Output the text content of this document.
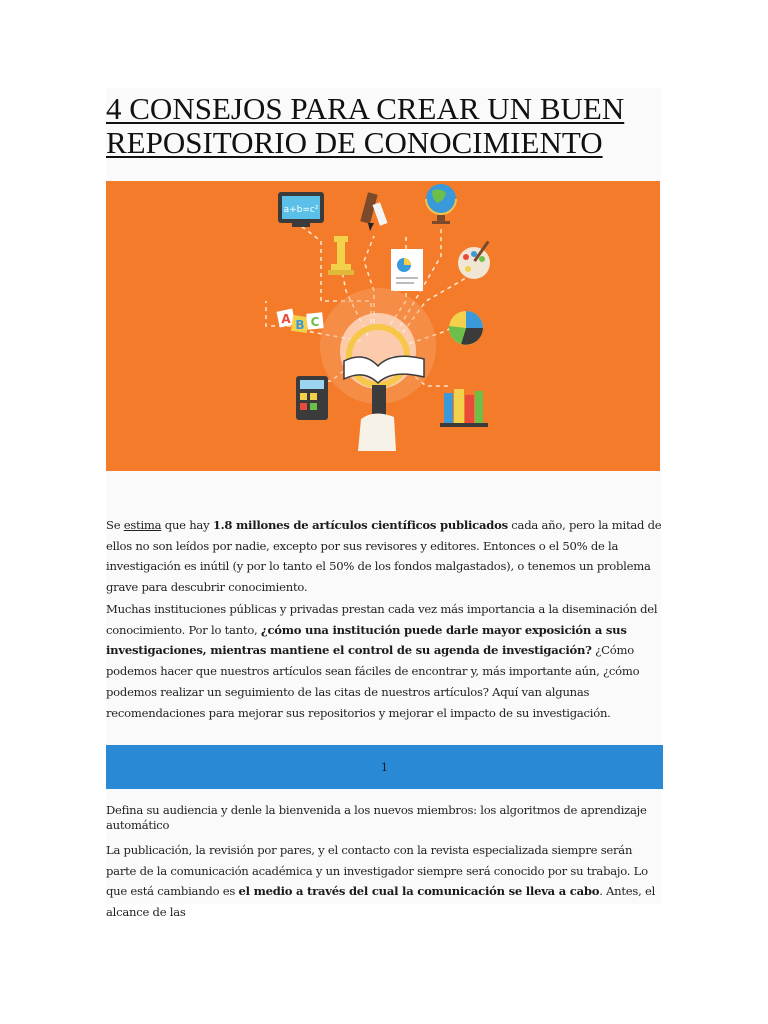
4 CONSEJOS PARA CREAR UN BUEN
REPOSITORIO DE CONOCIMIENTO
a+b=c²
A B C

Se estima que hay 1.8 millones de artículos científicos publicados cada año, pero la mitad de ellos no son leídos por nadie, excepto por sus revisores y editores. Entonces o el 50% de la investigación es inútil (y por lo tanto el 50% de los fondos malgastados), o tenemos un problema grave para descubrir conocimiento.

Muchas instituciones públicas y privadas prestan cada vez más importancia a la diseminación del conocimiento. Por lo tanto, ¿cómo una institución puede darle mayor exposición a sus investigaciones, mientras mantiene el control de su agenda de investigación? ¿Cómo podemos hacer que nuestros artículos sean fáciles de encontrar y, más importante aún, ¿cómo podemos realizar un seguimiento de las citas de nuestros artículos? Aquí van algunas recomendaciones para mejorar sus repositorios y mejorar el impacto de su investigación.

1

Defina su audiencia y denle la bienvenida a los nuevos miembros: los algoritmos de aprendizaje automático

La publicación, la revisión por pares, y el contacto con la revista especializada siempre serán parte de la comunicación académica y un investigador siempre será conocido por su trabajo. Lo que está cambiando es el medio a través del cual la comunicación se lleva a cabo. Antes, el alcance de las
